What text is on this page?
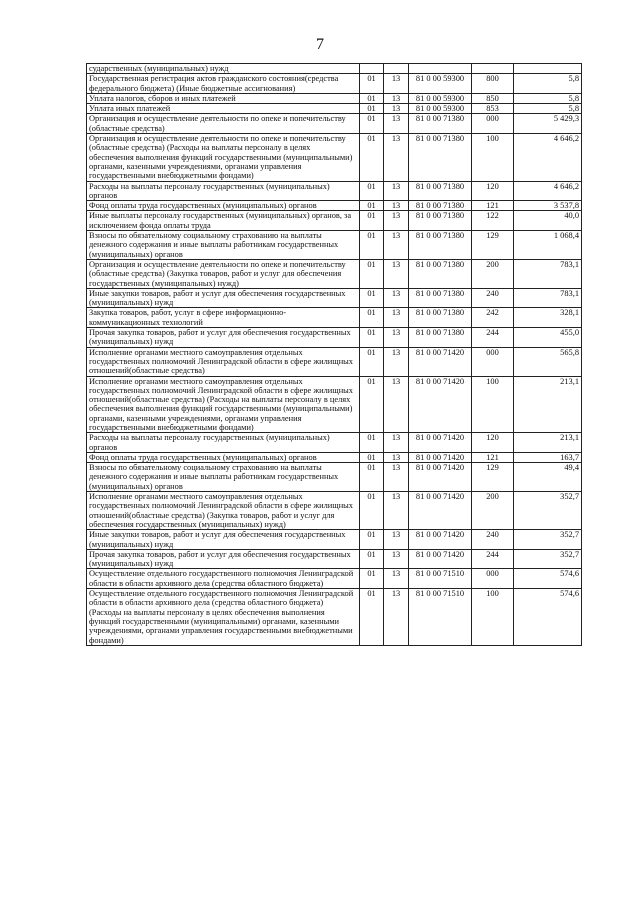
7
сударственных (муниципальных) нужд					
Государственная регистрация актов гражданского состояния(средства федерального бюджета) (Иные бюджетные ассигнования)	01	13	81 0 00 59300	800	5,8
Уплата налогов, сборов и иных платежей	01	13	81 0 00 59300	850	5,8
Уплата иных платежей	01	13	81 0 00 59300	853	5,8
Организация и осуществление деятельности по опеке и попечительству (областные средства)	01	13	81 0 00 71380	000	5 429,3
Организация и осуществление деятельности по опеке и попечительству (областные средства) (Расходы на выплаты персоналу в целях обеспечения выполнения функций государственными (муниципальными) органами, казенными учреждениями, органами управления государственными внебюджетными фондами)	01	13	81 0 00 71380	100	4 646,2
Расходы на выплаты персоналу государственных (муниципальных) органов	01	13	81 0 00 71380	120	4 646,2
Фонд оплаты труда государственных (муниципальных) органов	01	13	81 0 00 71380	121	3 537,8
Иные выплаты персоналу государственных (муниципальных) органов, за исключением фонда оплаты труда	01	13	81 0 00 71380	122	40,0
Взносы по обязательному социальному страхованию на выплаты денежного содержания и иные выплаты работникам государственных (муниципальных) органов	01	13	81 0 00 71380	129	1 068,4
Организация и осуществление деятельности по опеке и попечительству (областные средства) (Закупка товаров, работ и услуг для обеспечения государственных (муниципальных) нужд)	01	13	81 0 00 71380	200	783,1
Иные закупки товаров, работ и услуг для обеспечения государственных (муниципальных) нужд	01	13	81 0 00 71380	240	783,1
Закупка товаров, работ, услуг в сфере информационно-коммуникационных технологий	01	13	81 0 00 71380	242	328,1
Прочая закупка товаров, работ и услуг для обеспечения государственных (муниципальных) нужд	01	13	81 0 00 71380	244	455,0
Исполнение органами местного самоуправления отдельных государственных полномочий Ленинградской области в сфере жилищных отношений(областные средства)	01	13	81 0 00 71420	000	565,8
Исполнение органами местного самоуправления отдельных государственных полномочий Ленинградской области в сфере жилищных отношений(областные средства) (Расходы на выплаты персоналу в целях обеспечения выполнения функций государственными (муниципальными) органами, казенными учреждениями, органами управления государственными внебюджетными фондами)	01	13	81 0 00 71420	100	213,1
Расходы на выплаты персоналу государственных (муниципальных) органов	01	13	81 0 00 71420	120	213,1
Фонд оплаты труда государственных (муниципальных) органов	01	13	81 0 00 71420	121	163,7
Взносы по обязательному социальному страхованию на выплаты денежного содержания и иные выплаты работникам государственных (муниципальных) органов	01	13	81 0 00 71420	129	49,4
Исполнение органами местного самоуправления отдельных государственных полномочий Ленинградской области в сфере жилищных отношений(областные средства) (Закупка товаров, работ и услуг для обеспечения государственных (муниципальных) нужд)	01	13	81 0 00 71420	200	352,7
Иные закупки товаров, работ и услуг для обеспечения государственных (муниципальных) нужд	01	13	81 0 00 71420	240	352,7
Прочая закупка товаров, работ и услуг для обеспечения государственных (муниципальных) нужд	01	13	81 0 00 71420	244	352,7
Осуществление отдельного государственного полномочия Ленинградской области в области архивного дела (средства областного бюджета)	01	13	81 0 00 71510	000	574,6
Осуществление отдельного государственного полномочия Ленинградской области в области архивного дела (средства областного бюджета) (Расходы на выплаты персоналу в целях обеспечения выполнения функций государственными (муниципальными) органами, казенными учреждениями, органами управления государственными внебюджетными фондами)	01	13	81 0 00 71510	100	574,6
